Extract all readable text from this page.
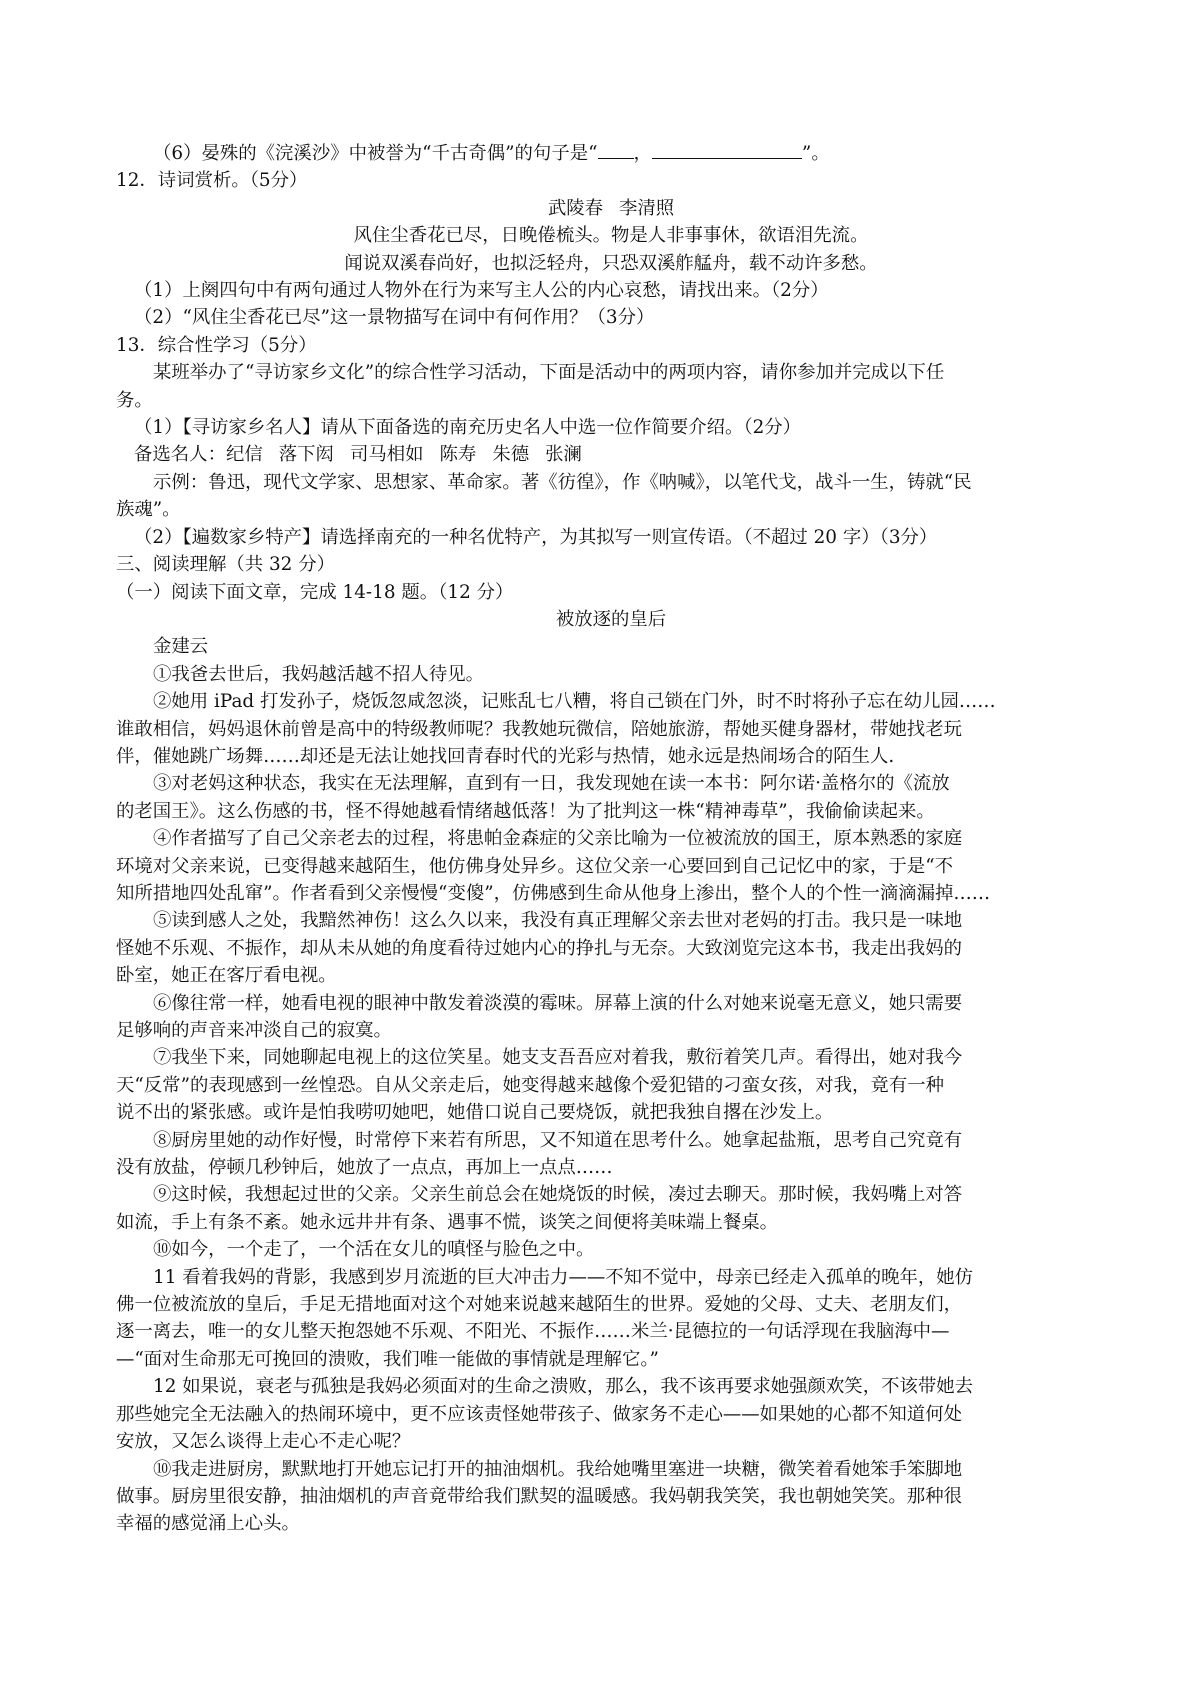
（6）晏殊的《浣溪沙》中被誉为“千古奇偶”的句子是“ ，	”。
12．诗词赏析。（5分）
武陵春 李清照
风住尘香花已尽，日晚倦梳头。物是人非事事休，欲语泪先流。
闻说双溪春尚好，也拟泛轻舟，只恐双溪舴艋舟，载不动许多愁。
（1）上阕四句中有两句通过人物外在行为来写主人公的内心哀愁，请找出来。（2分）
（2）“风住尘香花已尽”这一景物描写在词中有何作用？（3分）
13．综合性学习（5分）
某班举办了“寻访家乡文化”的综合性学习活动，下面是活动中的两项内容，请你参加并完成以下任
务。
（1）【寻访家乡名人】请从下面备选的南充历史名人中选一位作简要介绍。（2分）
备选名人：纪信 落下闳 司马相如 陈寿 朱德 张澜
示例：鲁迅，现代文学家、思想家、革命家。著《彷徨》，作《呐喊》，以笔代戈，战斗一生，铸就“民
族魂”。
（2）【遍数家乡特产】请选择南充的一种名优特产，为其拟写一则宣传语。（不超过 20 字）（3分）
三、阅读理解（共 32 分）
（一）阅读下面文章，完成 14-18 题。（12 分）
被放逐的皇后
金建云
①我爸去世后，我妈越活越不招人待见。
②她用 iPad 打发孙子，烧饭忽咸忽淡，记账乱七八糟，将自己锁在门外，时不时将孙子忘在幼儿园……
谁敢相信，妈妈退休前曾是高中的特级教师呢？我教她玩微信，陪她旅游，帮她买健身器材，带她找老玩
伴，催她跳广场舞……却还是无法让她找回青春时代的光彩与热情，她永远是热闹场合的陌生人.
③对老妈这种状态，我实在无法理解，直到有一日，我发现她在读一本书：阿尔诺·盖格尔的《流放
的老国王》。这么伤感的书，怪不得她越看情绪越低落！为了批判这一株“精神毒草”，我偷偷读起来。
④作者描写了自己父亲老去的过程，将患帕金森症的父亲比喻为一位被流放的国王，原本熟悉的家庭
环境对父亲来说，已变得越来越陌生，他仿佛身处异乡。这位父亲一心要回到自己记忆中的家，于是“不
知所措地四处乱窜”。作者看到父亲慢慢“变傻”，仿佛感到生命从他身上渗出，整个人的个性一滴滴漏掉……
⑤读到感人之处，我黯然神伤！这么久以来，我没有真正理解父亲去世对老妈的打击。我只是一味地
怪她不乐观、不振作，却从未从她的角度看待过她内心的挣扎与无奈。大致浏览完这本书，我走出我妈的
卧室，她正在客厅看电视。
⑥像往常一样，她看电视的眼神中散发着淡漠的霉味。屏幕上演的什么对她来说毫无意义，她只需要
足够响的声音来冲淡自己的寂寞。
⑦我坐下来，同她聊起电视上的这位笑星。她支支吾吾应对着我，敷衍着笑几声。看得出，她对我今
天“反常”的表现感到一丝惶恐。自从父亲走后，她变得越来越像个爱犯错的刁蛮女孩，对我，竟有一种
说不出的紧张感。或许是怕我唠叨她吧，她借口说自己要烧饭，就把我独自撂在沙发上。
⑧厨房里她的动作好慢，时常停下来若有所思，又不知道在思考什么。她拿起盐瓶，思考自己究竟有
没有放盐，停顿几秒钟后，她放了一点点，再加上一点点……
⑨这时候，我想起过世的父亲。父亲生前总会在她烧饭的时候，凑过去聊天。那时候，我妈嘴上对答
如流，手上有条不紊。她永远井井有条、遇事不慌，谈笑之间便将美味端上餐桌。
⑩如今，一个走了，一个活在女儿的嗔怪与脸色之中。
11 看着我妈的背影，我感到岁月流逝的巨大冲击力——不知不觉中，母亲已经走入孤单的晚年，她仿
佛一位被流放的皇后，手足无措地面对这个对她来说越来越陌生的世界。爱她的父母、丈夫、老朋友们，
逐一离去，唯一的女儿整天抱怨她不乐观、不阳光、不振作……米兰·昆德拉的一句话浮现在我脑海中—
—“面对生命那无可挽回的溃败，我们唯一能做的事情就是理解它。”
12 如果说，衰老与孤独是我妈必须面对的生命之溃败，那么，我不该再要求她强颜欢笑，不该带她去
那些她完全无法融入的热闹环境中，更不应该责怪她带孩子、做家务不走心——如果她的心都不知道何处
安放，又怎么谈得上走心不走心呢？
⑩我走进厨房，默默地打开她忘记打开的抽油烟机。我给她嘴里塞进一块糖，微笑着看她笨手笨脚地
做事。厨房里很安静，抽油烟机的声音竟带给我们默契的温暖感。我妈朝我笑笑，我也朝她笑笑。那种很
幸福的感觉涌上心头。
